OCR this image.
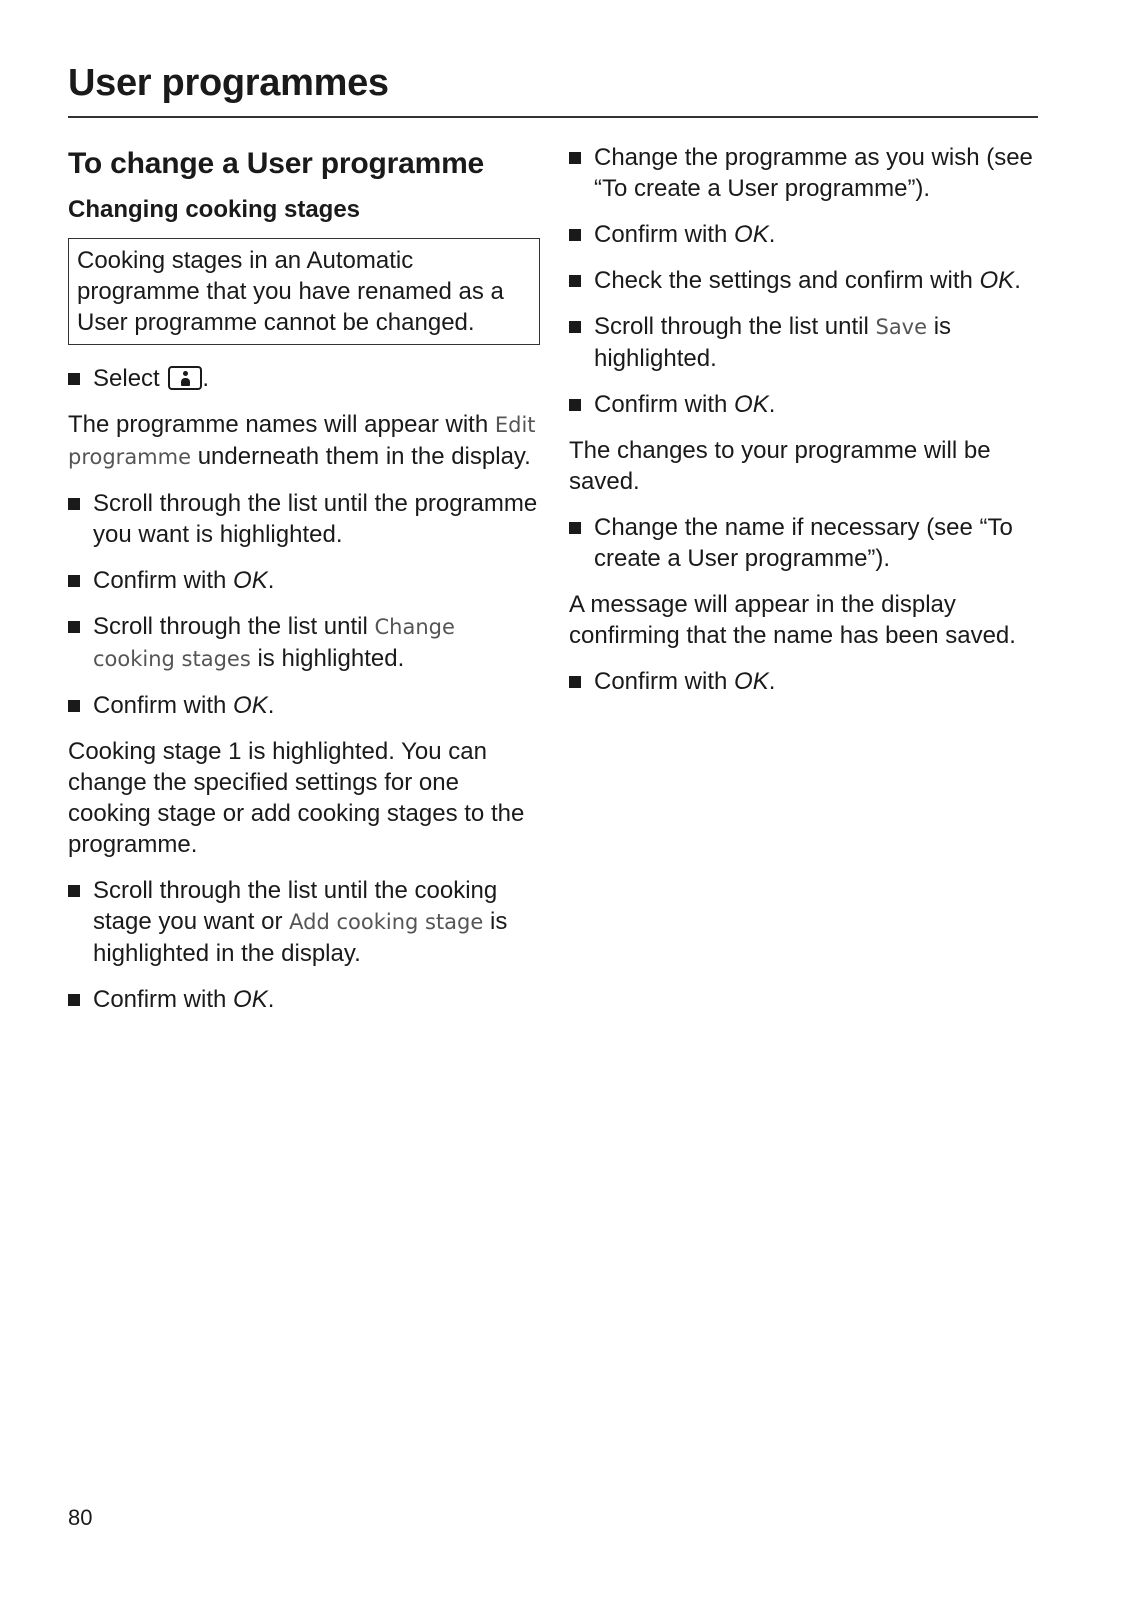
User programmes
To change a User programme
Changing cooking stages
Cooking stages in an Automatic programme that you have renamed as a User programme cannot be changed.
Select
.
The programme names will appear with Edit programme underneath them in the display.
Scroll through the list until the programme you want is highlighted.
Confirm with OK.
Scroll through the list until Change cooking stages is highlighted.
Confirm with OK.
Cooking stage 1 is highlighted. You can change the specified settings for one cooking stage or add cooking stages to the programme.
Scroll through the list until the cooking stage you want or Add cooking stage is highlighted in the display.
Confirm with OK.
Change the programme as you wish (see “To create a User programme”).
Confirm with OK.
Check the settings and confirm with OK.
Scroll through the list until Save is highlighted.
Confirm with OK.
The changes to your programme will be saved.
Change the name if necessary (see “To create a User programme”).
A message will appear in the display confirming that the name has been saved.
Confirm with OK.
80
